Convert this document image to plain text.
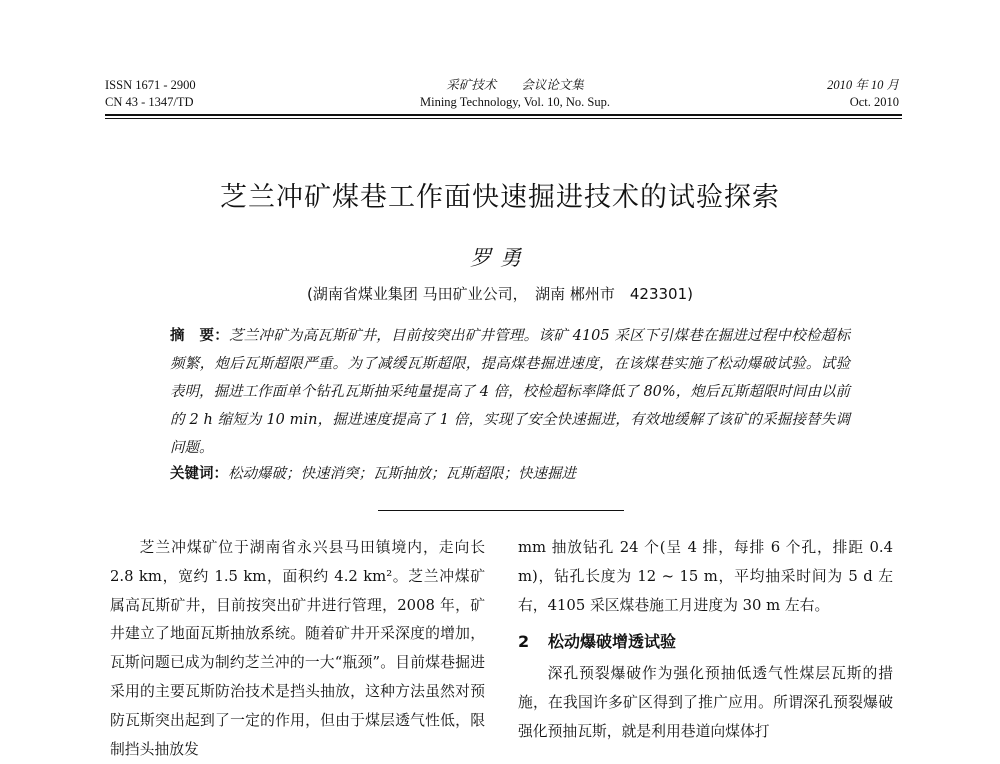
ISSN 1671 - 2900
CN 43 - 1347/TD
采矿技术　　会议论文集
Mining Technology, Vol. 10, No. Sup.
2010 年 10 月
Oct. 2010
芝兰冲矿煤巷工作面快速掘进技术的试验探索
罗勇
(湖南省煤业集团 马田矿业公司，　湖南 郴州市　423301)
摘　要：芝兰冲矿为高瓦斯矿井，目前按突出矿井管理。该矿 4105 采区下引煤巷在掘进过程中校检超标频繁，炮后瓦斯超限严重。为了减缓瓦斯超限，提高煤巷掘进速度，在该煤巷实施了松动爆破试验。试验表明，掘进工作面单个钻孔瓦斯抽采纯量提高了 4 倍，校检超标率降低了 80%，炮后瓦斯超限时间由以前的 2 h 缩短为 10 min，掘进速度提高了 1 倍，实现了安全快速掘进，有效地缓解了该矿的采掘接替失调问题。
关键词：松动爆破；快速消突；瓦斯抽放；瓦斯超限；快速掘进

芝兰冲煤矿位于湖南省永兴县马田镇境内，走向长 2.8 km，宽约 1.5 km，面积约 4.2 km²。芝兰冲煤矿属高瓦斯矿井，目前按突出矿井进行管理，2008 年，矿井建立了地面瓦斯抽放系统。随着矿井开采深度的增加，瓦斯问题已成为制约芝兰冲的一大“瓶颈”。目前煤巷掘进采用的主要瓦斯防治技术是挡头抽放，这种方法虽然对预防瓦斯突出起到了一定的作用，但由于煤层透气性低，限制挡头抽放发

mm 抽放钻孔 24 个(呈 4 排，每排 6 个孔，排距 0.4 m)，钻孔长度为 12 ~ 15 m，平均抽采时间为 5 d 左右，4105 采区煤巷施工月进度为 30 m 左右。

2 松动爆破增透试验

深孔预裂爆破作为强化预抽低透气性煤层瓦斯的措施，在我国许多矿区得到了推广应用。所谓深孔预裂爆破强化预抽瓦斯，就是利用巷道向煤体打
